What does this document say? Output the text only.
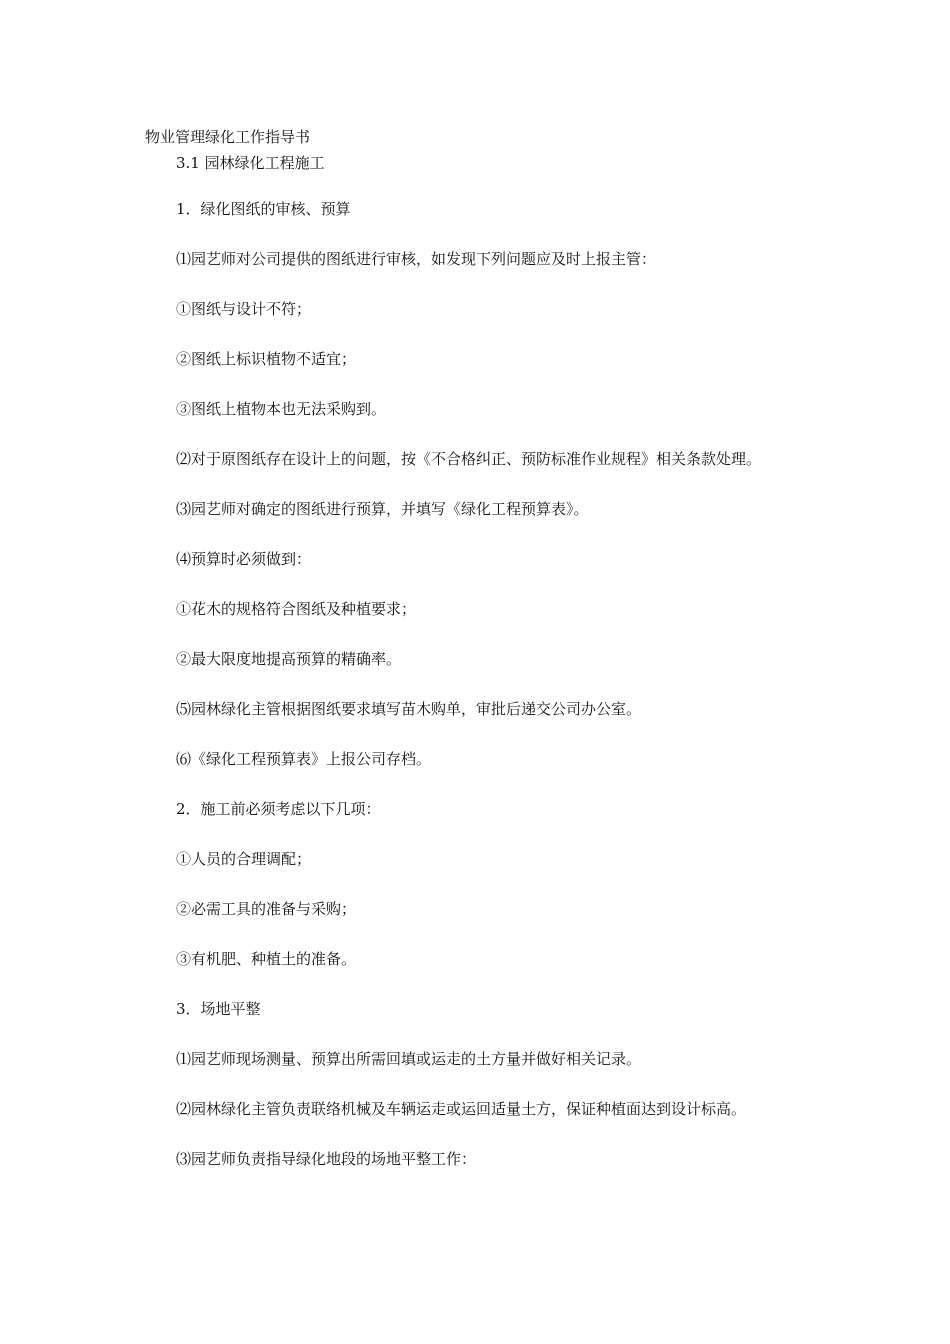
物业管理绿化工作指导书
3.1 园林绿化工程施工

1．绿化图纸的审核、预算

⑴园艺师对公司提供的图纸进行审核，如发现下列问题应及时上报主管：

①图纸与设计不符；

②图纸上标识植物不适宜；

③图纸上植物本也无法采购到。

⑵对于原图纸存在设计上的问题，按《不合格纠正、预防标准作业规程》相关条款处理。

⑶园艺师对确定的图纸进行预算，并填写《绿化工程预算表》。

⑷预算时必须做到：

①花木的规格符合图纸及种植要求；

②最大限度地提高预算的精确率。

⑸园林绿化主管根据图纸要求填写苗木购单，审批后递交公司办公室。

⑹《绿化工程预算表》上报公司存档。

2．施工前必须考虑以下几项：

①人员的合理调配；

②必需工具的准备与采购；

③有机肥、种植土的准备。

3．场地平整

⑴园艺师现场测量、预算出所需回填或运走的土方量并做好相关记录。

⑵园林绿化主管负责联络机械及车辆运走或运回适量土方，保证种植面达到设计标高。

⑶园艺师负责指导绿化地段的场地平整工作：
